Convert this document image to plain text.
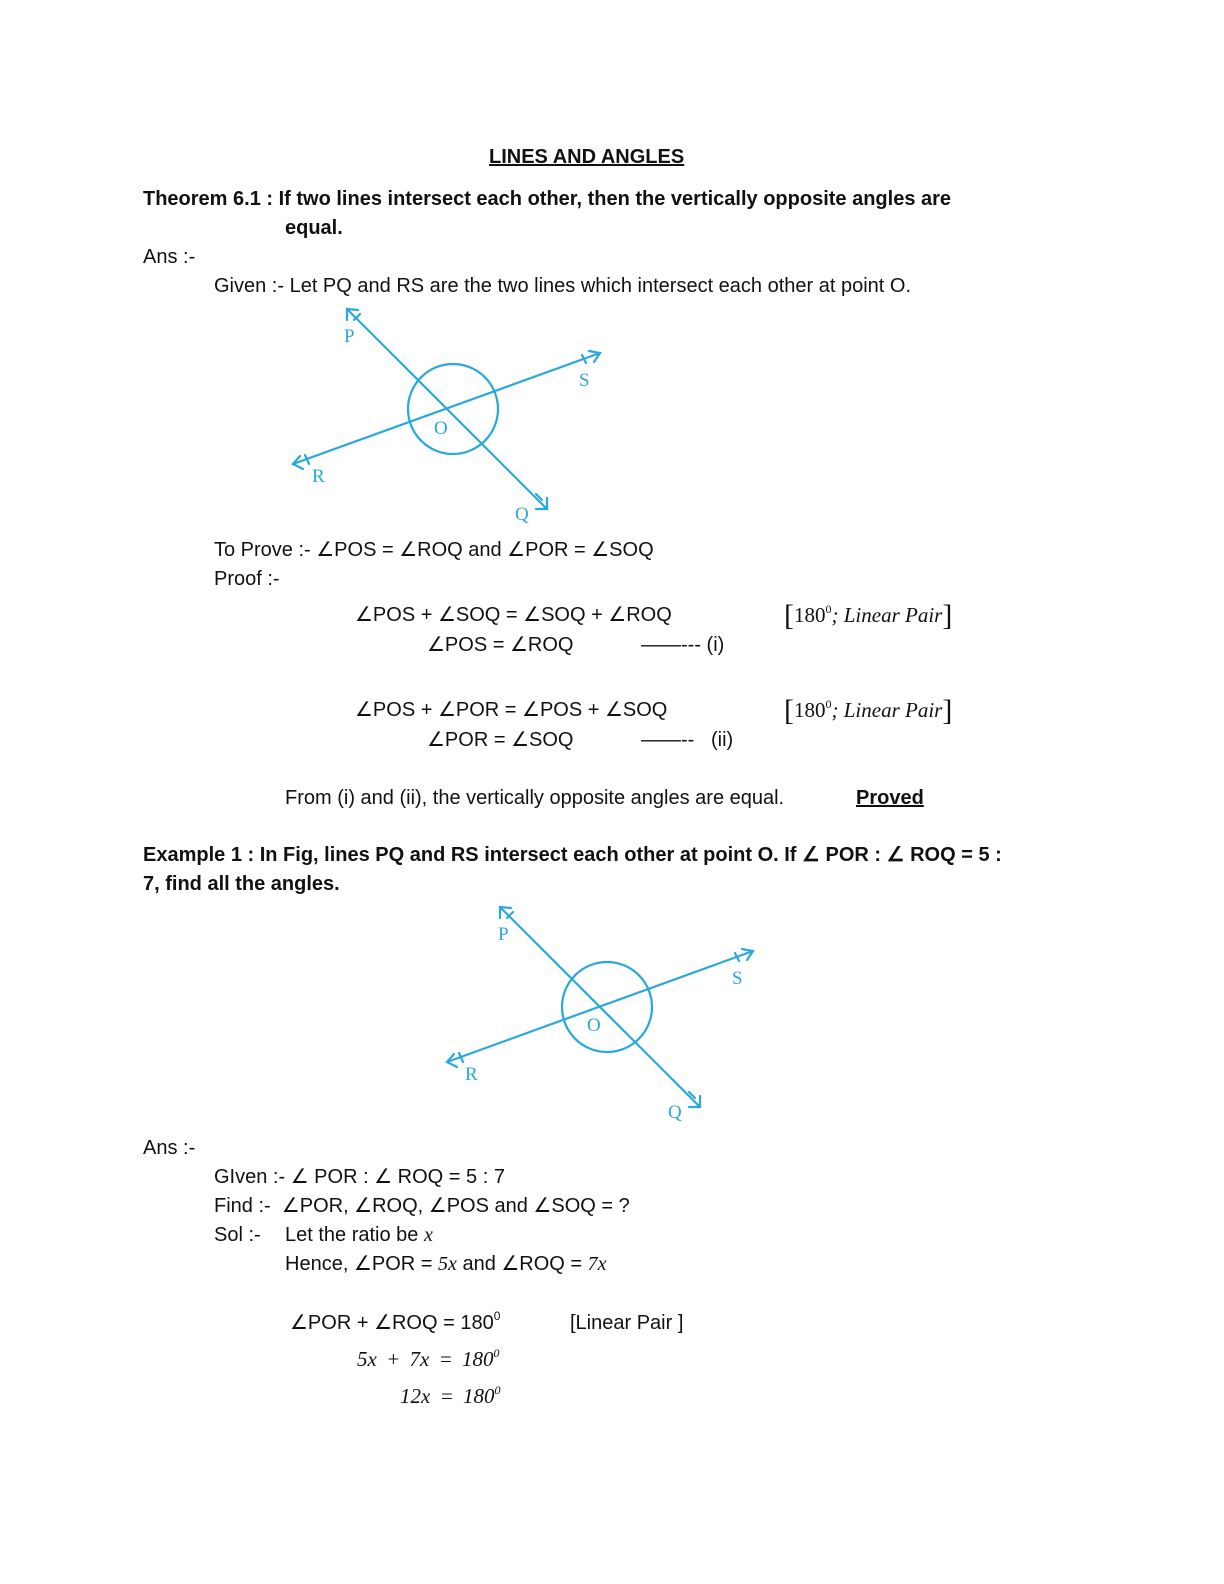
LINES AND ANGLES
Theorem 6.1 : If two lines intersect each other, then the vertically opposite angles are
equal.
Ans :-
Given :- Let PQ and RS are the two lines which intersect each other at point O.
P
Q
R
S
O
To Prove :- ∠POS = ∠ROQ and ∠POR = ∠SOQ
Proof :-
∠POS + ∠SOQ = ∠SOQ + ∠ROQ	[$180^0$; Linear Pair]
∠POS = ∠ROQ	——--- (i)
∠POS + ∠POR = ∠POS + ∠SOQ	[$180^0$; Linear Pair]
∠POR = ∠SOQ	——--   (ii)
From (i) and (ii), the vertically opposite angles are equal.	Proved
Example 1 : In Fig, lines PQ and RS intersect each other at point O. If ∠ POR : ∠ ROQ = 5 :
7, find all the angles.
P
Q
R
S
O
Ans :-
GIven :- ∠ POR : ∠ ROQ = 5 : 7
Find :-  ∠POR, ∠ROQ, ∠POS and ∠SOQ = ?
Sol :- Let the ratio be x
Hence, ∠POR = 5x and ∠ROQ = 7x
∠POR + ∠ROQ = $180^0$	[Linear Pair ]
$5x + 7x = 180^0$
$12x = 180^0$
